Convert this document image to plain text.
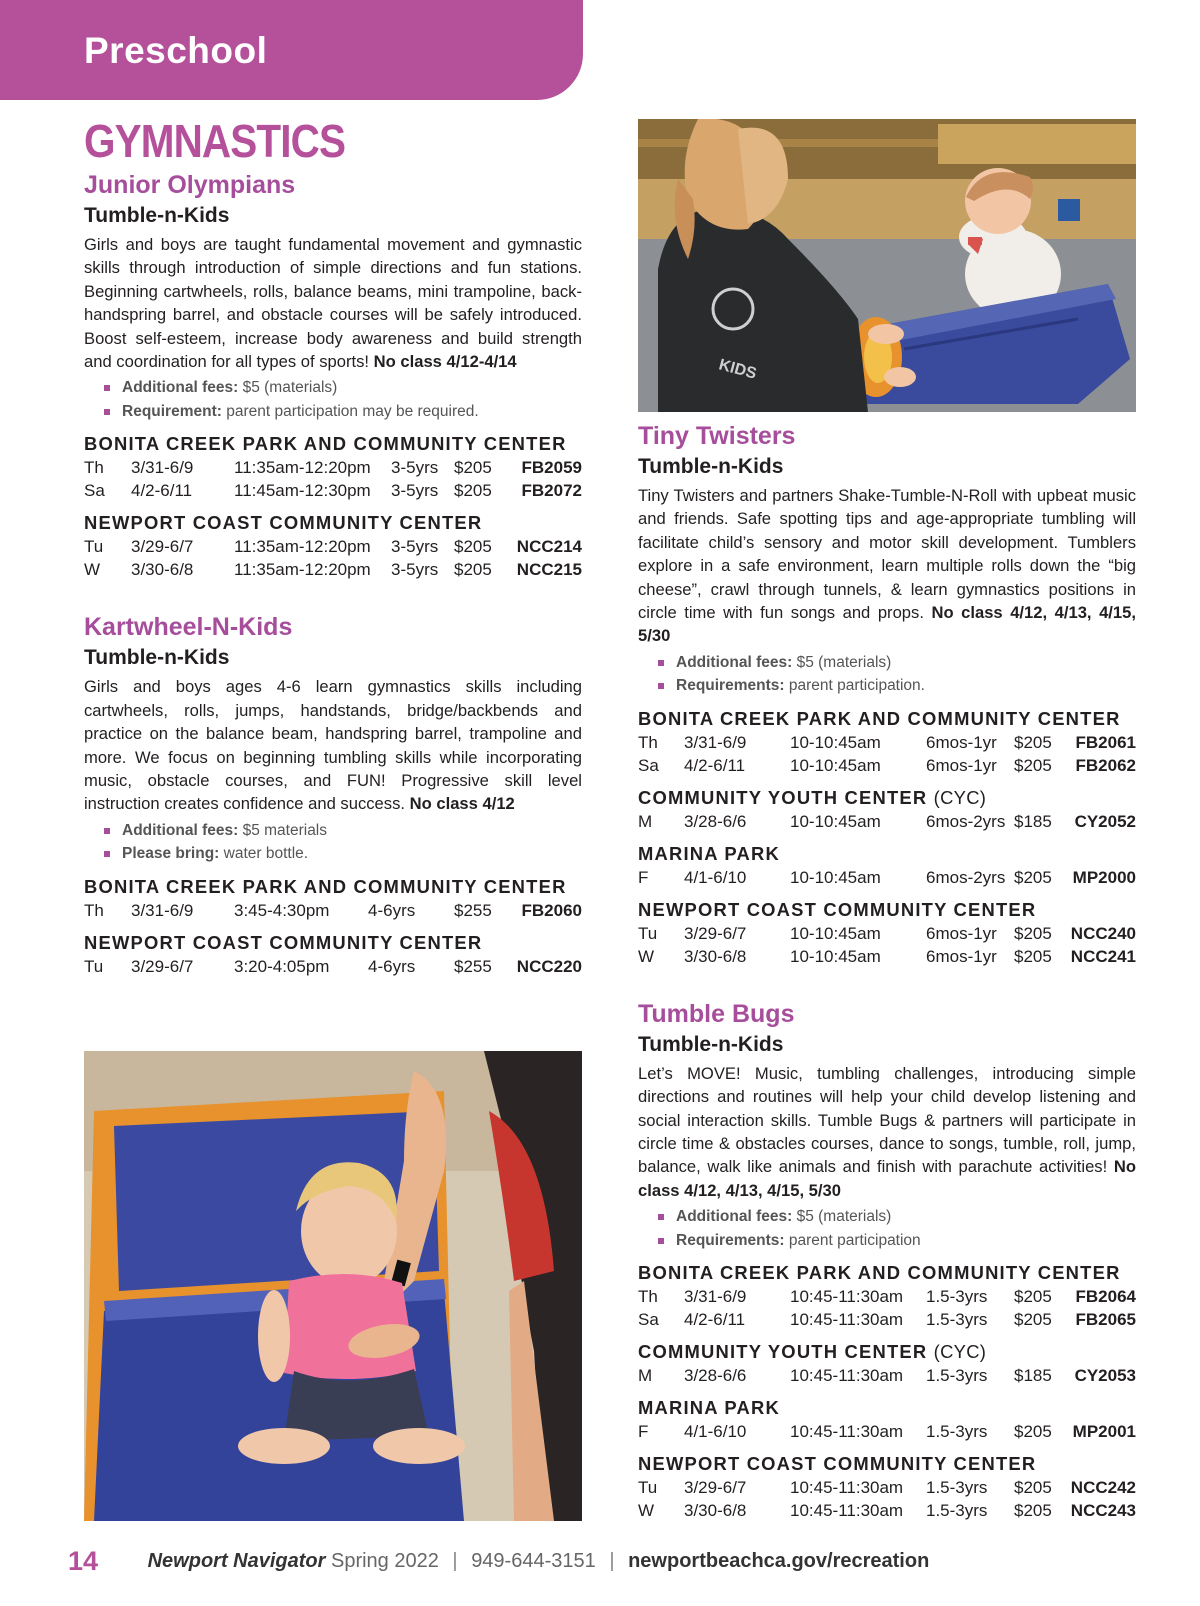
Preschool
GYMNASTICS
Junior Olympians
Tumble-n-Kids

Girls and boys are taught fundamental movement and gymnastic skills through introduction of simple directions and fun stations. Beginning cartwheels, rolls, balance beams, mini trampoline, back-handspring barrel, and obstacle courses will be safely introduced. Boost self-esteem, increase body awareness and build strength and coordination for all types of sports! No class 4/12-4/14

Additional fees: $5 (materials)
Requirement: parent participation may be required.
BONITA CREEK PARK AND COMMUNITY CENTER
Th	3/31-6/9	11:35am-12:20pm	3-5yrs	$205	FB2059
Sa	4/2-6/11	11:45am-12:30pm	3-5yrs	$205	FB2072
NEWPORT COAST COMMUNITY CENTER
Tu	3/29-6/7	11:35am-12:20pm	3-5yrs	$205	NCC214
W	3/30-6/8	11:35am-12:20pm	3-5yrs	$205	NCC215
Kartwheel-N-Kids
Tumble-n-Kids

Girls and boys ages 4-6 learn gymnastics skills including cartwheels, rolls, jumps, handstands, bridge/backbends and practice on the balance beam, handspring barrel, trampoline and more. We focus on beginning tumbling skills while incorporating music, obstacle courses, and FUN! Progressive skill level instruction creates confidence and success. No class 4/12

Additional fees: $5 materials
Please bring: water bottle.
BONITA CREEK PARK AND COMMUNITY CENTER
Th	3/31-6/9	3:45-4:30pm	4-6yrs	$255	FB2060
NEWPORT COAST COMMUNITY CENTER
Tu	3/29-6/7	3:20-4:05pm	4-6yrs	$255	NCC220
KIDS
Tiny Twisters
Tumble-n-Kids

Tiny Twisters and partners Shake-Tumble-N-Roll with upbeat music and friends. Safe spotting tips and age-appropriate tumbling will facilitate child’s sensory and motor skill development. Tumblers explore in a safe environment, learn multiple rolls down the “big cheese”, crawl through tunnels, & learn gymnastics positions in circle time with fun songs and props. No class 4/12, 4/13, 4/15, 5/30

Additional fees: $5 (materials)
Requirements: parent participation.
BONITA CREEK PARK AND COMMUNITY CENTER
Th	3/31-6/9	10-10:45am	6mos-1yr	$205	FB2061
Sa	4/2-6/11	10-10:45am	6mos-1yr	$205	FB2062
COMMUNITY YOUTH CENTER (CYC)
M	3/28-6/6	10-10:45am	6mos-2yrs	$185	CY2052
MARINA PARK
F	4/1-6/10	10-10:45am	6mos-2yrs	$205	MP2000
NEWPORT COAST COMMUNITY CENTER
Tu	3/29-6/7	10-10:45am	6mos-1yr	$205	NCC240
W	3/30-6/8	10-10:45am	6mos-1yr	$205	NCC241
Tumble Bugs
Tumble-n-Kids

Let’s MOVE! Music, tumbling challenges, introducing simple directions and routines will help your child develop listening and social interaction skills. Tumble Bugs & partners will participate in circle time & obstacles courses, dance to songs, tumble, roll, jump, balance, walk like animals and finish with parachute activities! No class 4/12, 4/13, 4/15, 5/30

Additional fees: $5 (materials)
Requirements: parent participation
BONITA CREEK PARK AND COMMUNITY CENTER
Th	3/31-6/9	10:45-11:30am	1.5-3yrs	$205	FB2064
Sa	4/2-6/11	10:45-11:30am	1.5-3yrs	$205	FB2065
COMMUNITY YOUTH CENTER (CYC)
M	3/28-6/6	10:45-11:30am	1.5-3yrs	$185	CY2053
MARINA PARK
F	4/1-6/10	10:45-11:30am	1.5-3yrs	$205	MP2001
NEWPORT COAST COMMUNITY CENTER
Tu	3/29-6/7	10:45-11:30am	1.5-3yrs	$205	NCC242
W	3/30-6/8	10:45-11:30am	1.5-3yrs	$205	NCC243
14 Newport Navigator Spring 2022 | 949-644-3151 | newportbeachca.gov/recreation
